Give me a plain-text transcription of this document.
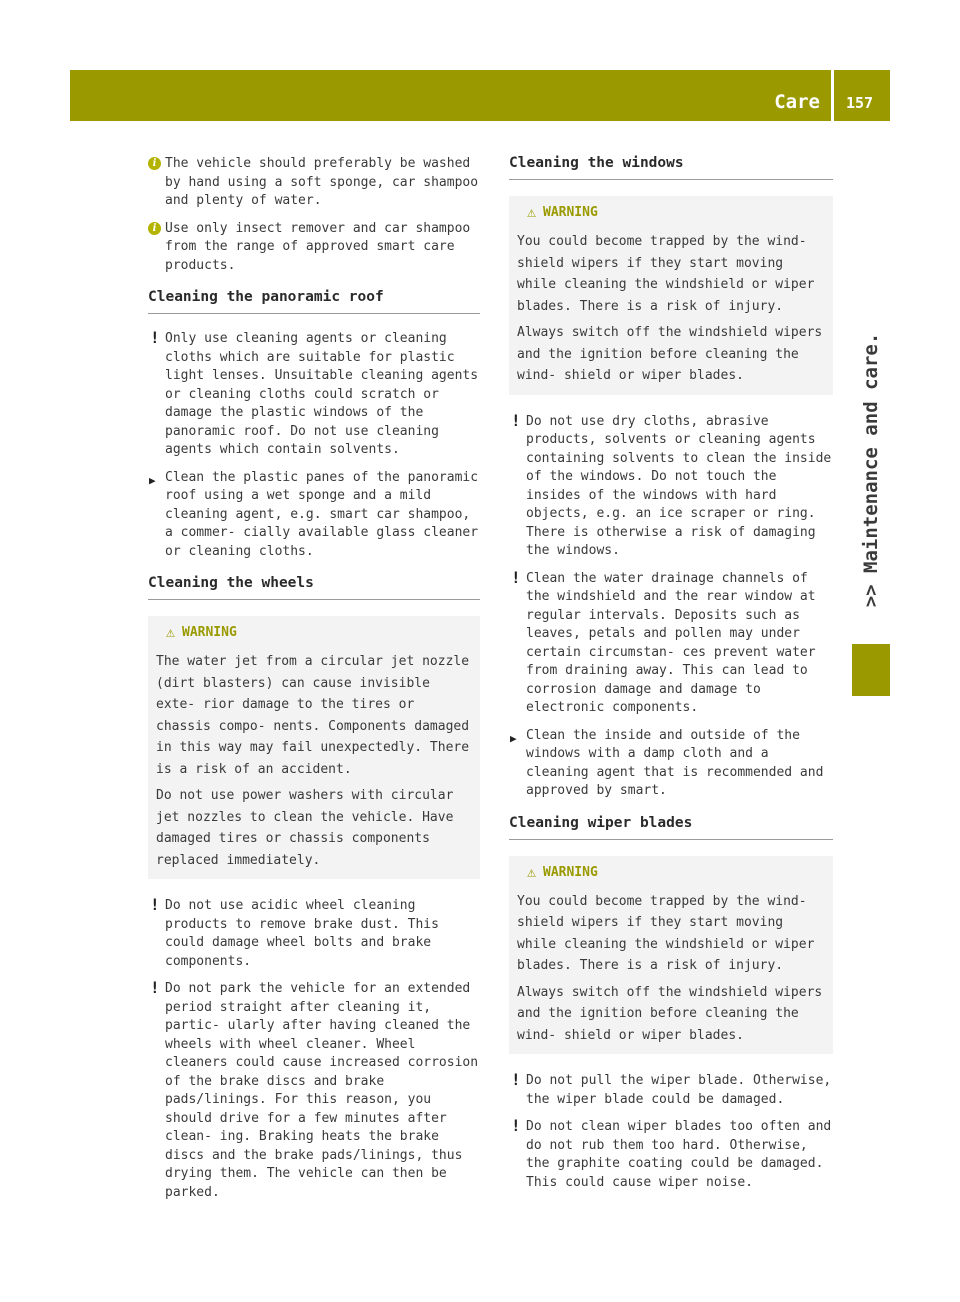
Care 157
>> Maintenance and care.
i The vehicle should preferably be washed by hand using a soft sponge, car shampoo and plenty of water.
i Use only insect remover and car shampoo from the range of approved smart care products.
Cleaning the panoramic roof
! Only use cleaning agents or cleaning cloths which are suitable for plastic light lenses. Unsuitable cleaning agents or cleaning cloths could scratch or damage the plastic windows of the panoramic roof. Do not use cleaning agents which contain solvents.
▶ Clean the plastic panes of the panoramic roof using a wet sponge and a mild cleaning agent, e.g. smart car shampoo, a commer- cially available glass cleaner or cleaning cloths.
Cleaning the wheels
⚠ WARNING

The water jet from a circular jet nozzle (dirt blasters) can cause invisible exte- rior damage to the tires or chassis compo- nents. Components damaged in this way may fail unexpectedly. There is a risk of an accident.

Do not use power washers with circular jet nozzles to clean the vehicle. Have damaged tires or chassis components replaced immediately.

! Do not use acidic wheel cleaning products to remove brake dust. This could damage wheel bolts and brake components.
! Do not park the vehicle for an extended period straight after cleaning it, partic- ularly after having cleaned the wheels with wheel cleaner. Wheel cleaners could cause increased corrosion of the brake discs and brake pads/linings. For this reason, you should drive for a few minutes after clean- ing. Braking heats the brake discs and the brake pads/linings, thus drying them. The vehicle can then be parked.
Cleaning the windows
⚠ WARNING

You could become trapped by the wind- shield wipers if they start moving while cleaning the windshield or wiper blades. There is a risk of injury.

Always switch off the windshield wipers and the ignition before cleaning the wind- shield or wiper blades.

! Do not use dry cloths, abrasive products, solvents or cleaning agents containing solvents to clean the inside of the windows. Do not touch the insides of the windows with hard objects, e.g. an ice scraper or ring. There is otherwise a risk of damaging the windows.
! Clean the water drainage channels of the windshield and the rear window at regular intervals. Deposits such as leaves, petals and pollen may under certain circumstan- ces prevent water from draining away. This can lead to corrosion damage and damage to electronic components.
▶ Clean the inside and outside of the windows with a damp cloth and a cleaning agent that is recommended and approved by smart.
Cleaning wiper blades
⚠ WARNING

You could become trapped by the wind- shield wipers if they start moving while cleaning the windshield or wiper blades. There is a risk of injury.

Always switch off the windshield wipers and the ignition before cleaning the wind- shield or wiper blades.

! Do not pull the wiper blade. Otherwise, the wiper blade could be damaged.
! Do not clean wiper blades too often and do not rub them too hard. Otherwise, the graphite coating could be damaged. This could cause wiper noise.
